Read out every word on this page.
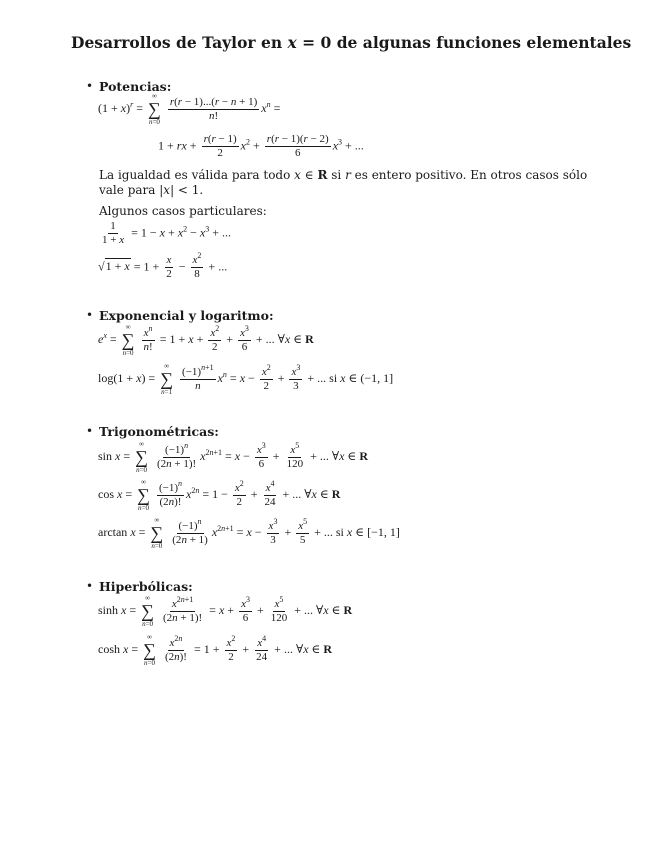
Desarrollos de Taylor en x = 0 de algunas funciones elementales
• Potencias:
$(1 + x)^r$ =
∞
∑
n=0
$\frac{r(r - 1)...(r - n + 1)}{n!} x^n$ =
1 + rx + $\frac{r(r - 1)}{2} x^2 + \frac{r(r - 1)(r - 2)}{6} x^3$ + ...
La igualdad es válida para todo x ∈ R si r es entero positivo. En otros casos sólo
vale para |x| < 1.
Algunos casos particulares:
$\frac{1}{1 + x} = 1 - x + x^2 - x^3$ + ...
$√1 + x = 1 + \frac{x}{2} - \frac{x^2}{8}$ + ...
• Exponencial y logaritmo:
$e^x$ =
∞
∑
n=0
$\frac{x^n}{n!} = 1 + x + \frac{x^2}{2} + \frac{x^3}{6}$ + ... ∀x ∈ R
log(1 + x) =
∞
∑
n=1
$\frac{(-1)^{n+1}}{n} x^n = x - \frac{x^2}{2} + \frac{x^3}{3}$ + ... si x ∈ (−1, 1]
• Trigonométricas:
sin x =
∞
∑
n=0
$\frac{(-1)^n}{(2n + 1)!} x^{2n+1} = x - \frac{x^3}{6} + \frac{x^5}{120}$ + ... ∀x ∈ R
cos x =
∞
∑
n=0
$\frac{(-1)^n}{(2n)!} x^{2n} = 1 - \frac{x^2}{2} + \frac{x^4}{24}$ + ... ∀x ∈ R
arctan x =
∞
∑
n=0
$\frac{(-1)^n}{(2n + 1)} x^{2n+1} = x - \frac{x^3}{3} + \frac{x^5}{5}$ + ... si x ∈ [−1, 1]
• Hiperbólicas:
sinh x =
∞
∑
n=0
$\frac{x^{2n+1}}{(2n + 1)!} = x + \frac{x^3}{6} + \frac{x^5}{120}$ + ... ∀x ∈ R
cosh x =
∞
∑
n=0
$\frac{x^{2n}}{(2n)!} = 1 + \frac{x^2}{2} + \frac{x^4}{24}$ + ... ∀x ∈ R
